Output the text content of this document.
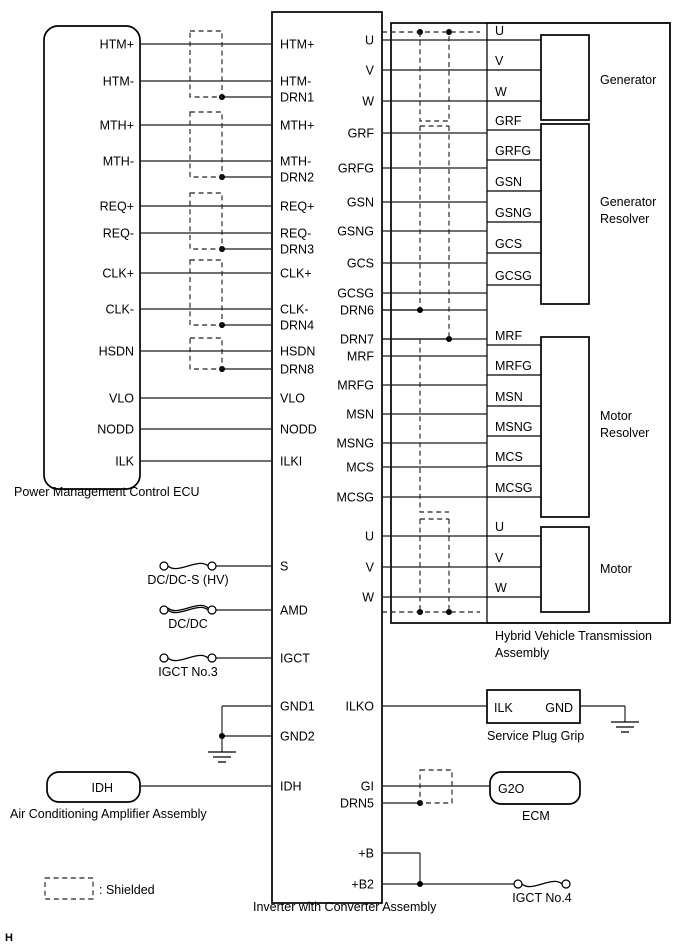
HTM+
HTM-
MTH+
MTH-
REQ+
REQ-
CLK+
CLK-
HSDN
VLO
NODD
ILK
HTM+
HTM-
DRN1
MTH+
MTH-
DRN2
REQ+
REQ-
DRN3
CLK+
CLK-
DRN4
HSDN
DRN8
VLO
NODD
ILKI
S
AMD
IGCT
GND1
GND2
IDH
U
V
W
GRF
GRFG
GSN
GSNG
GCS
GCSG
DRN6
DRN7
MRF
MRFG
MSN
MSNG
MCS
MCSG
U
V
W
ILKO
GI
DRN5
+B
+B2
U
V
W
GRF
GRFG
GSN
GSNG
GCS
GCSG
MRF
MRFG
MSN
MSNG
MCS
MCSG
U
V
W
DC/DC-S (HV)
DC/DC
IGCT No.3
IGCT No.4
Power Management Control ECU
Inverter with Converter Assembly
Hybrid Vehicle Transmission
Assembly
Generator
Generator
Resolver
Motor
Resolver
Motor
ILK	GND
Service Plug Grip
G2O
ECM
IDH
Air Conditioning Amplifier Assembly
: Shielded
H
